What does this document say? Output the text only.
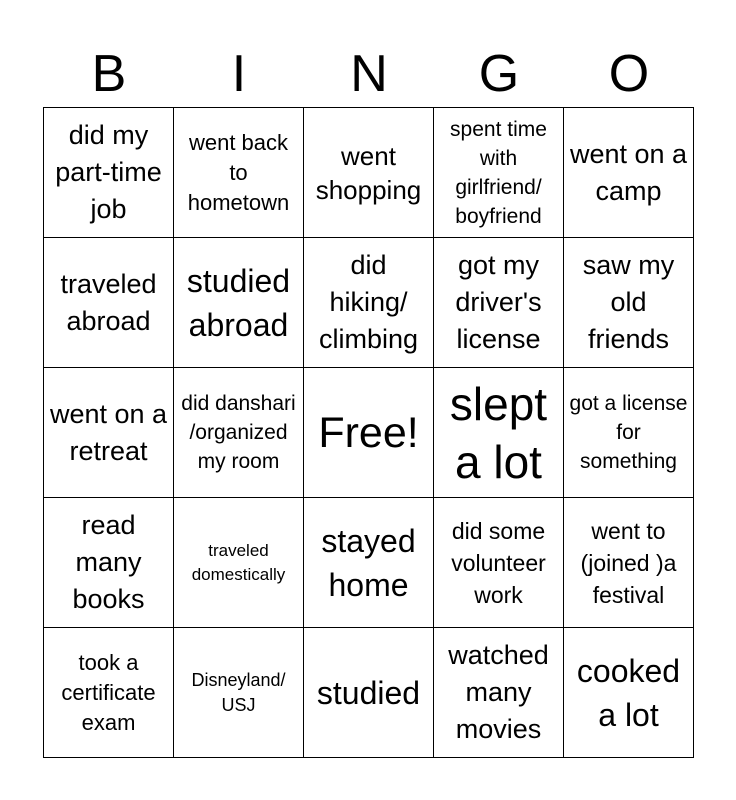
B	I	N	G	O
did my part-time job	went back to hometown	went shopping	spent time with girlfriend/ boyfriend	went on a camp
traveled abroad	studied abroad	did hiking/ climbing	got my driver's license	saw my old friends
went on a retreat	did danshari /organized my room	Free!	slept a lot	got a license for something
read many books	traveled domestically	stayed home	did some volunteer work	went to (joined )a festival
took a certificate exam	Disneyland/ USJ	studied	watched many movies	cooked a lot
